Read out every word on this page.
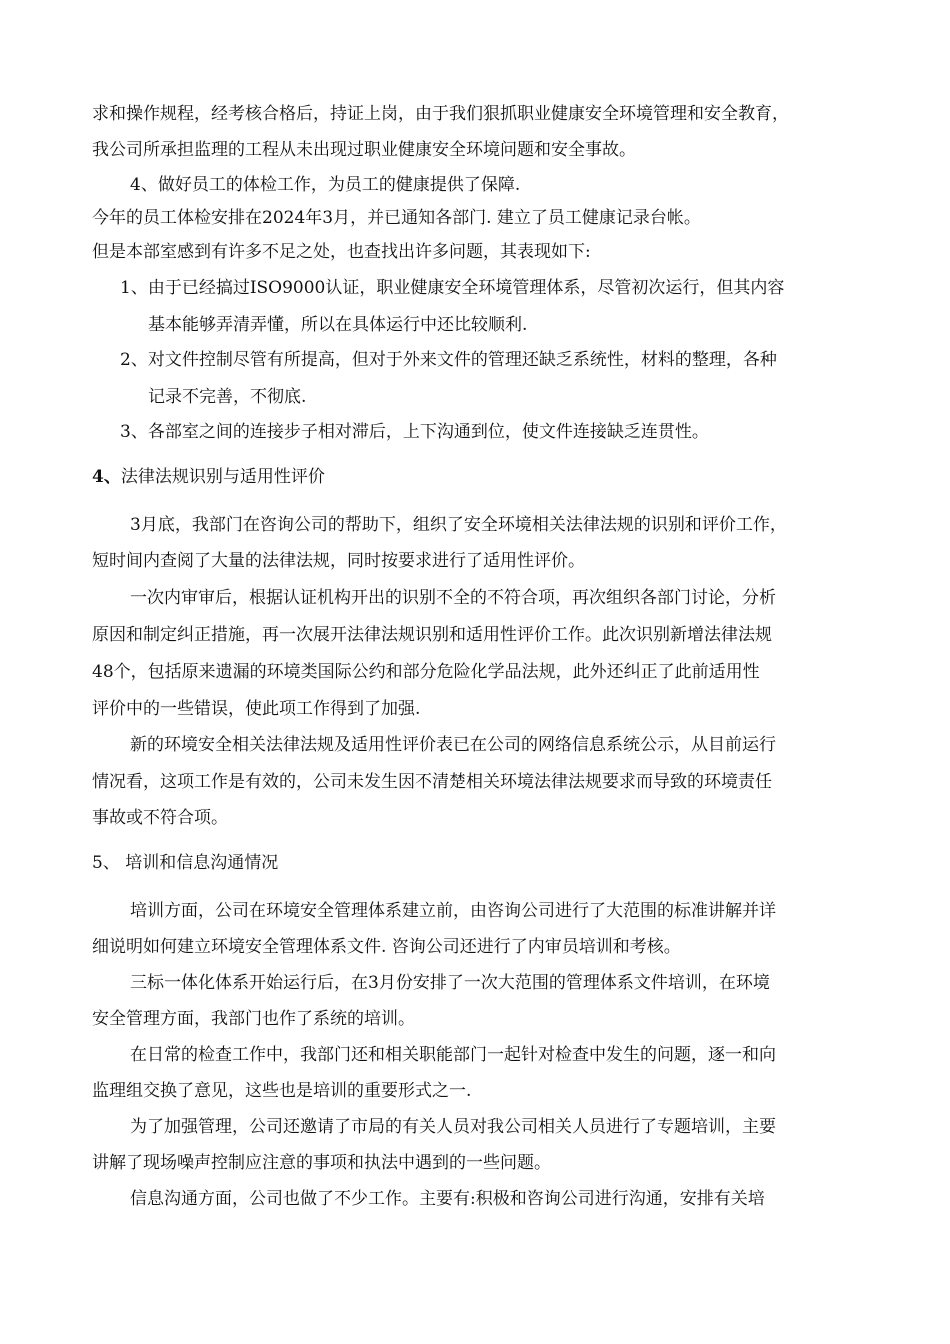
求和操作规程，经考核合格后，持证上岗，由于我们狠抓职业健康安全环境管理和安全教育，
我公司所承担监理的工程从未出现过职业健康安全环境问题和安全事故。
4、做好员工的体检工作，为员工的健康提供了保障.
今年的员工体检安排在2024年3月，并已通知各部门. 建立了员工健康记录台帐。
但是本部室感到有许多不足之处，也查找出许多问题，其表现如下:
1、由于已经搞过ISO9000认证，职业健康安全环境管理体系，尽管初次运行，但其内容
基本能够弄清弄懂，所以在具体运行中还比较顺利.
2、对文件控制尽管有所提高，但对于外来文件的管理还缺乏系统性，材料的整理，各种
记录不完善，不彻底.
3、各部室之间的连接步子相对滞后，上下沟通到位，使文件连接缺乏连贯性。
4、法律法规识别与适用性评价
3月底，我部门在咨询公司的帮助下，组织了安全环境相关法律法规的识别和评价工作，
短时间内查阅了大量的法律法规，同时按要求进行了适用性评价。
一次内审审后，根据认证机构开出的识别不全的不符合项，再次组织各部门讨论，分析
原因和制定纠正措施，再一次展开法律法规识别和适用性评价工作。此次识别新增法律法规
48个，包括原来遗漏的环境类国际公约和部分危险化学品法规，此外还纠正了此前适用性
评价中的一些错误，使此项工作得到了加强.
新的环境安全相关法律法规及适用性评价表已在公司的网络信息系统公示，从目前运行
情况看，这项工作是有效的，公司未发生因不清楚相关环境法律法规要求而导致的环境责任
事故或不符合项。
5、 培训和信息沟通情况
培训方面，公司在环境安全管理体系建立前，由咨询公司进行了大范围的标准讲解并详
细说明如何建立环境安全管理体系文件. 咨询公司还进行了内审员培训和考核。
三标一体化体系开始运行后，在3月份安排了一次大范围的管理体系文件培训，在环境
安全管理方面，我部门也作了系统的培训。
在日常的检查工作中，我部门还和相关职能部门一起针对检查中发生的问题，逐一和向
监理组交换了意见，这些也是培训的重要形式之一.
为了加强管理，公司还邀请了市局的有关人员对我公司相关人员进行了专题培训，主要
讲解了现场噪声控制应注意的事项和执法中遇到的一些问题。
信息沟通方面，公司也做了不少工作。主要有:积极和咨询公司进行沟通，安排有关培
